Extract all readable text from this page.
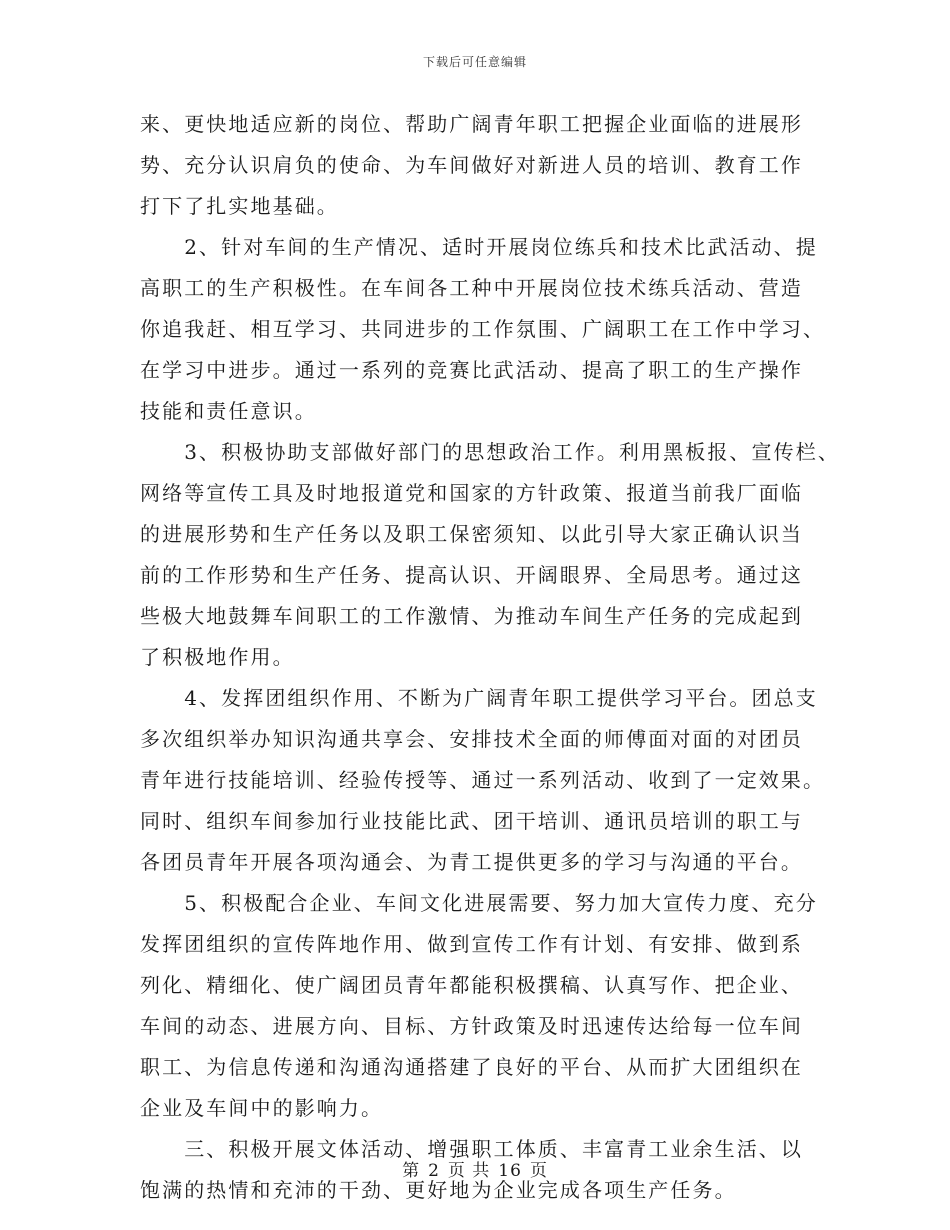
下载后可任意编辑
来、更快地适应新的岗位、帮助广阔青年职工把握企业面临的进展形
势、充分认识肩负的使命、为车间做好对新进人员的培训、教育工作
打下了扎实地基础。
　　2、针对车间的生产情况、适时开展岗位练兵和技术比武活动、提
高职工的生产积极性。在车间各工种中开展岗位技术练兵活动、营造
你追我赶、相互学习、共同进步的工作氛围、广阔职工在工作中学习、
在学习中进步。通过一系列的竞赛比武活动、提高了职工的生产操作
技能和责任意识。
　　3、积极协助支部做好部门的思想政治工作。利用黑板报、宣传栏、
网络等宣传工具及时地报道党和国家的方针政策、报道当前我厂面临
的进展形势和生产任务以及职工保密须知、以此引导大家正确认识当
前的工作形势和生产任务、提高认识、开阔眼界、全局思考。通过这
些极大地鼓舞车间职工的工作激情、为推动车间生产任务的完成起到
了积极地作用。
　　4、发挥团组织作用、不断为广阔青年职工提供学习平台。团总支
多次组织举办知识沟通共享会、安排技术全面的师傅面对面的对团员
青年进行技能培训、经验传授等、通过一系列活动、收到了一定效果。
同时、组织车间参加行业技能比武、团干培训、通讯员培训的职工与
各团员青年开展各项沟通会、为青工提供更多的学习与沟通的平台。
　　5、积极配合企业、车间文化进展需要、努力加大宣传力度、充分
发挥团组织的宣传阵地作用、做到宣传工作有计划、有安排、做到系
列化、精细化、使广阔团员青年都能积极撰稿、认真写作、把企业、
车间的动态、进展方向、目标、方针政策及时迅速传达给每一位车间
职工、为信息传递和沟通沟通搭建了良好的平台、从而扩大团组织在
企业及车间中的影响力。
　　三、积极开展文体活动、增强职工体质、丰富青工业余生活、以
饱满的热情和充沛的干劲、更好地为企业完成各项生产任务。
第 2 页 共 16 页
